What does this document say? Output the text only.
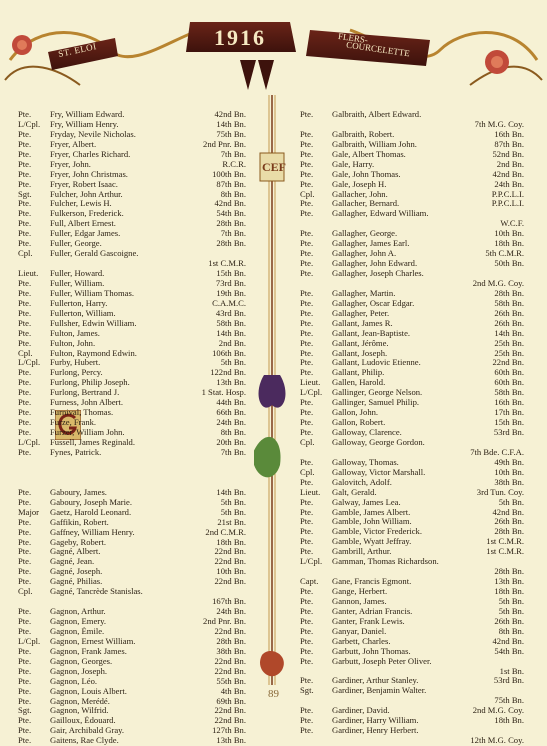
ST. ELOI	1916	FLERS-
COURCELETTE
CEF
Pte.	Fry, William Edward.	42nd Bn.
L/Cpl.	Fry, William Henry.	14th Bn.
Pte.	Fryday, Nevile Nicholas.	75th Bn.
Pte.	Fryer, Albert.	2nd Pnr. Bn.
Pte.	Fryer, Charles Richard.	7th Bn.
Pte.	Fryer, John.	R.C.R.
Pte.	Fryer, John Christmas.	100th Bn.
Pte.	Fryer, Robert Isaac.	87th Bn.
Sgt.	Fulcher, John Arthur.	8th Bn.
Pte.	Fulcher, Lewis H.	42nd Bn.
Pte.	Fulkerson, Frederick.	54th Bn.
Pte.	Full, Albert Ernest.	28th Bn.
Pte.	Fuller, Edgar James.	7th Bn.
Pte.	Fuller, George.	28th Bn.
Cpl.	Fuller, Gerald Gascoigne.
1st C.M.R.
Lieut.	Fuller, Howard.	15th Bn.
Pte.	Fuller, William.	73rd Bn.
Pte.	Fuller, William Thomas.	19th Bn.
Pte.	Fullerton, Harry.	C.A.M.C.
Pte.	Fullerton, William.	43rd Bn.
Pte.	Fullsher, Edwin William.	58th Bn.
Pte.	Fulton, James.	14th Bn.
Pte.	Fulton, John.	2nd Bn.
Cpl.	Fulton, Raymond Edwin.	106th Bn.
L/Cpl.	Furby, Hubert.	5th Bn.
Pte.	Furlong, Percy.	122nd Bn.
Pte.	Furlong, Philip Joseph.	13th Bn.
Pte.	Furlong, Bertrand J.	1 Stat. Hosp.
Pte.	Furness, John Albert.	44th Bn.
Pte.	Furnival, Thomas.	66th Bn.
Pte.	Furze, Frank.	24th Bn.
Pte.	Furzer, William John.	8th Bn.
L/Cpl.	Fussell, James Reginald.	20th Bn.
Pte.	Fynes, Patrick.	7th Bn.
Pte.	Gaboury, James.	14th Bn.
Pte.	Gaboury, Joseph Marie.	5th Bn.
Major	Gaetz, Harold Leonard.	5th Bn.
Pte.	Gaffikin, Robert.	21st Bn.
Pte.	Gaffney, William Henry.	2nd C.M.R.
Pte.	Gageby, Robert.	18th Bn.
Pte.	Gagné, Albert.	22nd Bn.
Pte.	Gagné, Jean.	22nd Bn.
Pte.	Gagné, Joseph.	10th Bn.
Pte.	Gagné, Philias.	22nd Bn.
Cpl.	Gagné, Tancrède Stanislas.
167th Bn.
Pte.	Gagnon, Arthur.	24th Bn.
Pte.	Gagnon, Emery.	2nd Pnr. Bn.
Pte.	Gagnon, Émile.	22nd Bn.
L/Cpl.	Gagnon, Ernest William.	28th Bn.
Pte.	Gagnon, Frank James.	38th Bn.
Pte.	Gagnon, Georges.	22nd Bn.
Pte.	Gagnon, Joseph.	22nd Bn.
Pte.	Gagnon, Léo.	55th Bn.
Pte.	Gagnon, Louis Albert.	4th Bn.
Pte.	Gagnon, Merédé.	69th Bn.
Sgt.	Gagnon, Wilfrid.	22nd Bn.
Pte.	Gailloux, Édouard.	22nd Bn.
Pte.	Gair, Archibald Gray.	127th Bn.
Pte.	Gaitens, Rae Clyde.	13th Bn.
Pte.	Galbraith, Albert Edward.
7th M.G. Coy.
Pte.	Galbraith, Robert.	16th Bn.
Pte.	Galbraith, William John.	87th Bn.
Pte.	Gale, Albert Thomas.	52nd Bn.
Pte.	Gale, Harry.	2nd Bn.
Pte.	Gale, John Thomas.	42nd Bn.
Pte.	Gale, Joseph H.	24th Bn.
Cpl.	Gallacher, John.	P.P.C.L.I.
Pte.	Gallacher, Bernard.	P.P.C.L.I.
Pte.	Gallagher, Edward William.
W.C.F.
Pte.	Gallagher, George.	10th Bn.
Pte.	Gallagher, James Earl.	18th Bn.
Pte.	Gallagher, John A.	5th C.M.R.
Pte.	Gallagher, John Edward.	50th Bn.
Pte.	Gallagher, Joseph Charles.
2nd M.G. Coy.
Pte.	Gallagher, Martin.	28th Bn.
Pte.	Gallagher, Oscar Edgar.	58th Bn.
Pte.	Gallagher, Peter.	26th Bn.
Pte.	Gallant, James R.	26th Bn.
Pte.	Gallant, Jean-Baptiste.	14th Bn.
Pte.	Gallant, Jérôme.	25th Bn.
Pte.	Gallant, Joseph.	25th Bn.
Pte.	Gallant, Ludovic Etienne.	22nd Bn.
Pte.	Gallant, Philip.	60th Bn.
Lieut.	Gallen, Harold.	60th Bn.
L/Cpl.	Gallinger, George Nelson.	58th Bn.
Pte.	Gallinger, Samuel Philip.	16th Bn.
Pte.	Gallon, John.	17th Bn.
Pte.	Gallon, Robert.	15th Bn.
Pte.	Galloway, Clarence.	53rd Bn.
Cpl.	Galloway, George Gordon.
7th Bde. C.F.A.
Pte.	Galloway, Thomas.	49th Bn.
Cpl.	Galloway, Victor Marshall.	10th Bn.
Pte.	Galovitch, Adolf.	38th Bn.
Lieut.	Galt, Gerald.	3rd Tun. Coy.
Pte.	Galway, James Lea.	5th Bn.
Pte.	Gamble, James Albert.	42nd Bn.
Pte.	Gamble, John William.	26th Bn.
Pte.	Gamble, Victor Frederick.	28th Bn.
Pte.	Gamble, Wyatt Jeffray.	1st C.M.R.
Pte.	Gambrill, Arthur.	1st C.M.R.
L/Cpl.	Gamman, Thomas Richardson.
28th Bn.
Capt.	Gane, Francis Egmont.	13th Bn.
Pte.	Gange, Herbert.	18th Bn.
Pte.	Gannon, James.	5th Bn.
Pte.	Ganter, Adrian Francis.	5th Bn.
Pte.	Ganter, Frank Lewis.	26th Bn.
Pte.	Ganyar, Daniel.	8th Bn.
Pte.	Garbett, Charles.	42nd Bn.
Pte.	Garbutt, John Thomas.	54th Bn.
Pte.	Garbutt, Joseph Peter Oliver.
1st Bn.
Pte.	Gardiner, Arthur Stanley.	53rd Bn.
Sgt.	Gardiner, Benjamin Walter.
75th Bn.
Pte.	Gardiner, David.	2nd M.G. Coy.
Pte.	Gardiner, Harry William.	18th Bn.
Pte.	Gardiner, Henry Herbert.
12th M.G. Coy.
89
